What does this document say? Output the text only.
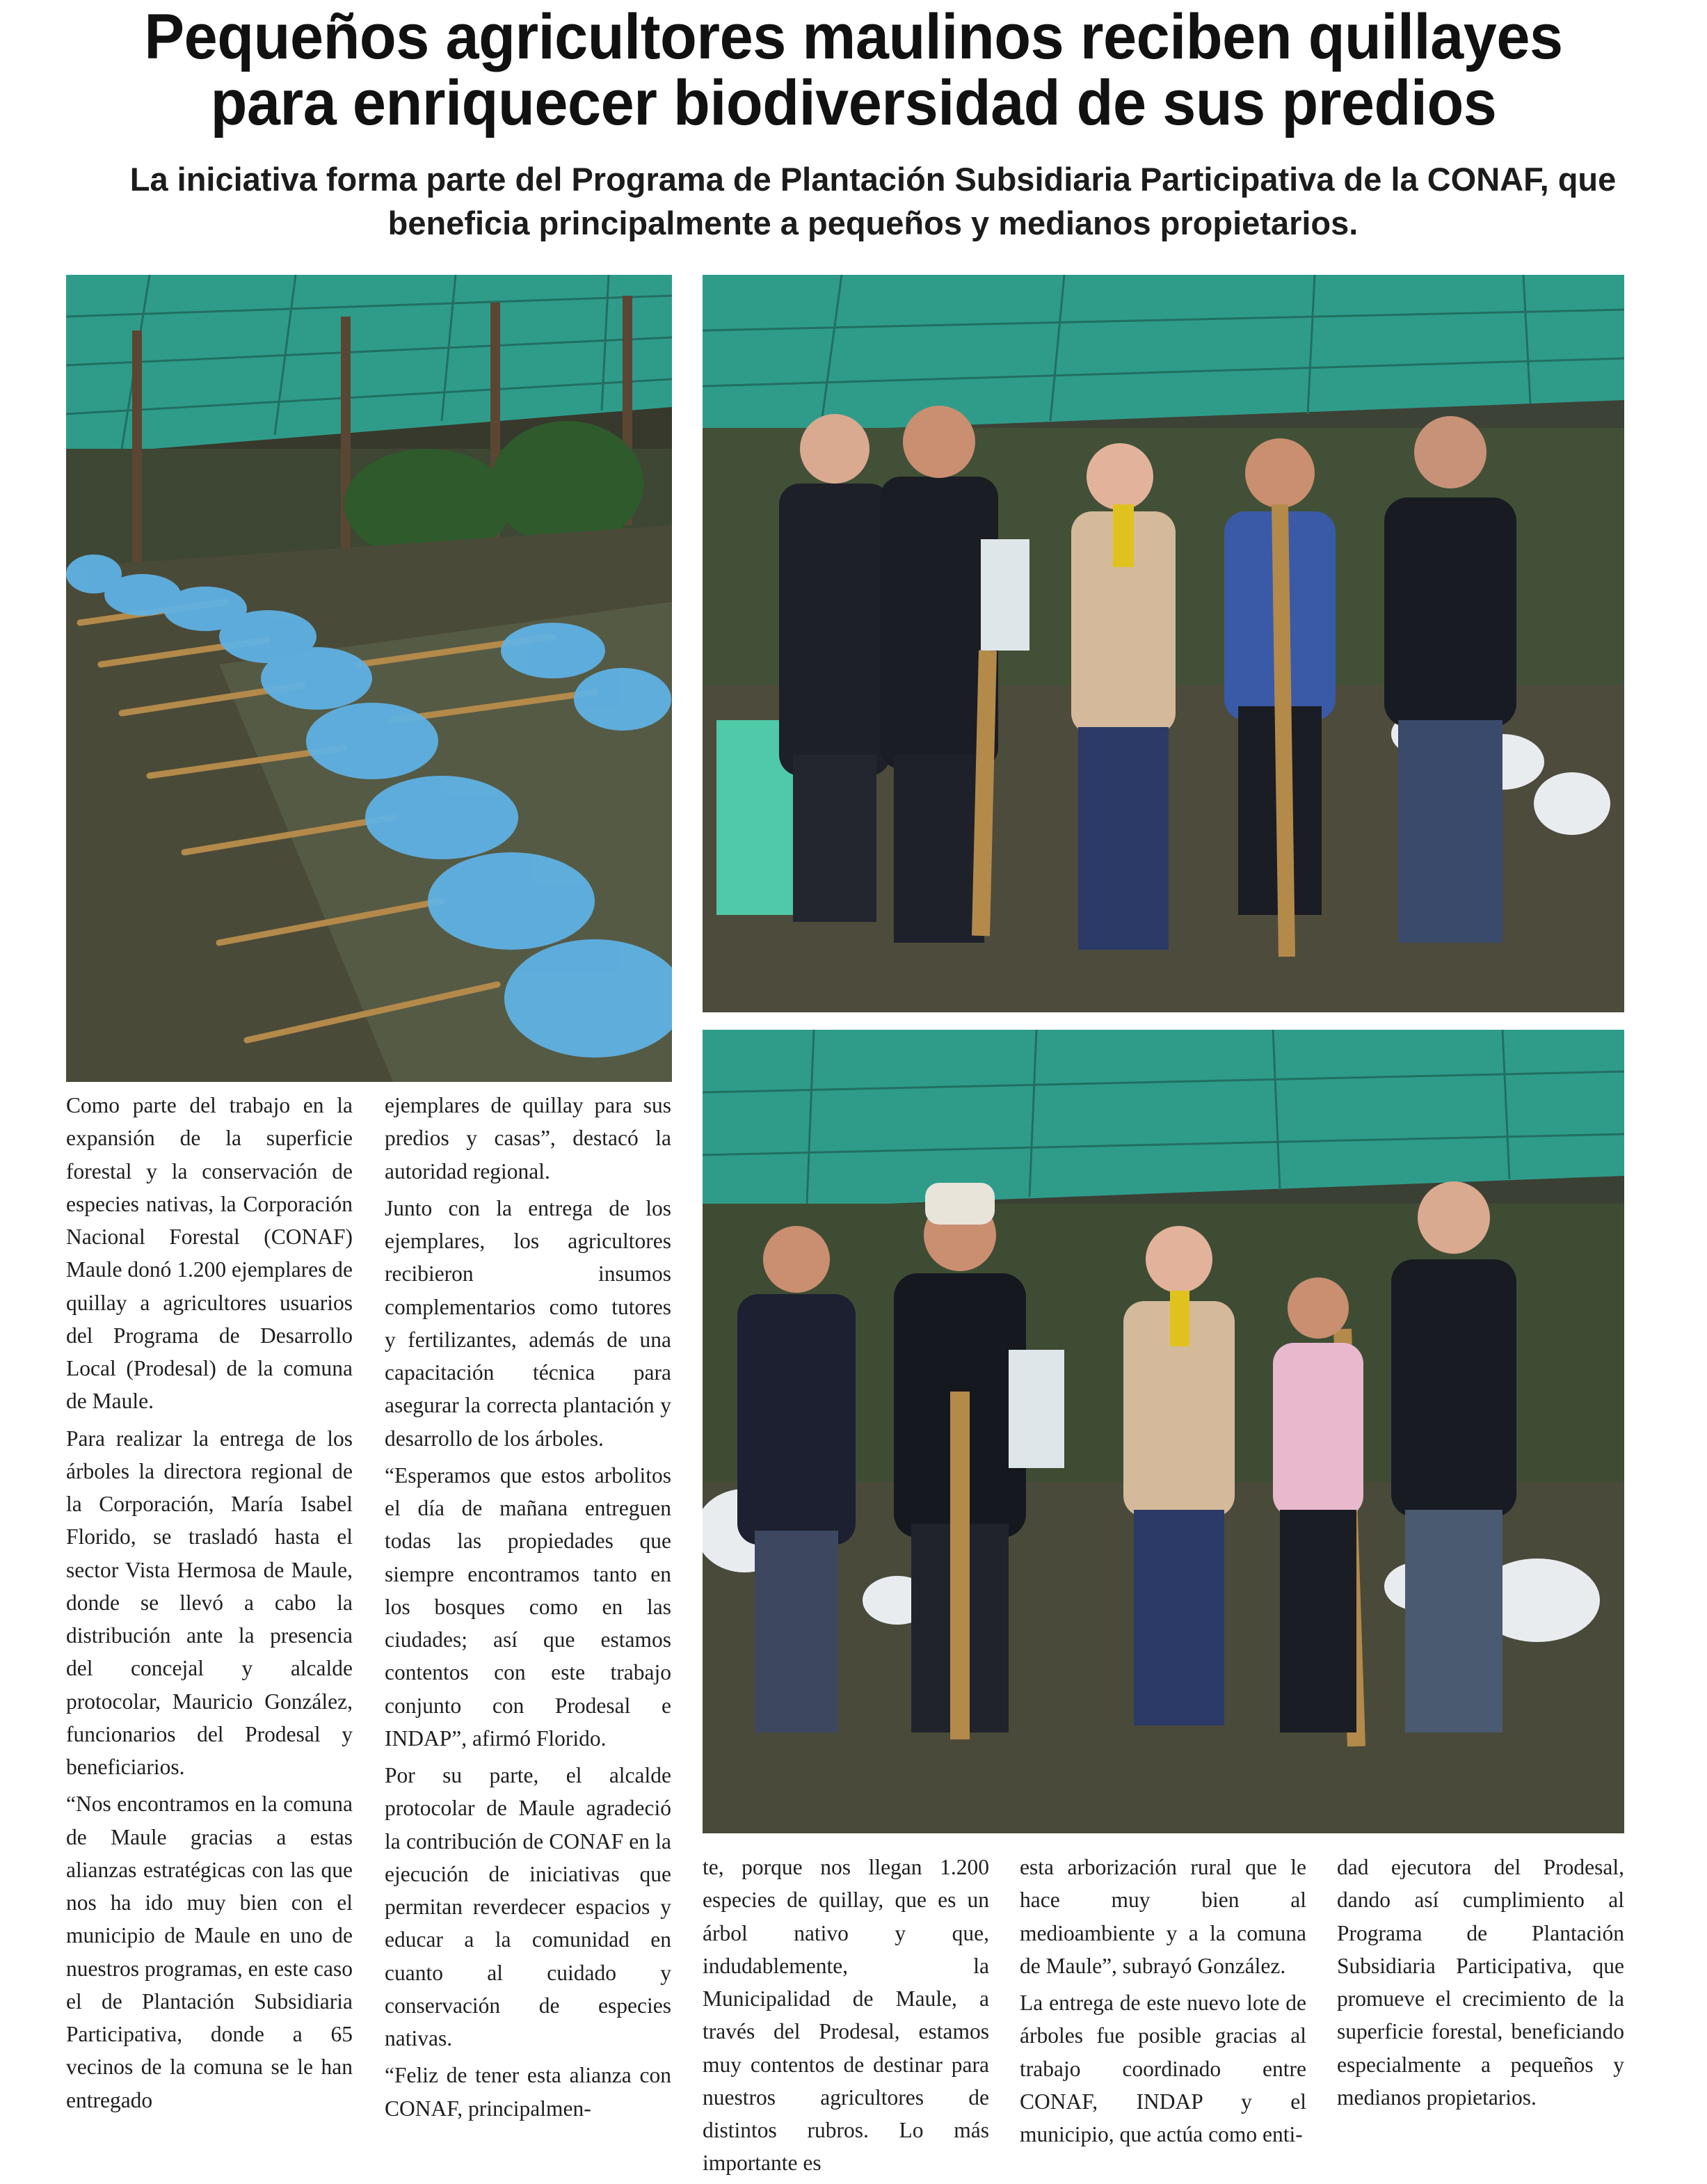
Pequeños agricultores maulinos reciben quillayes para enriquecer biodiversidad de sus predios

La iniciativa forma parte del Programa de Plantación Subsidiaria Participativa de la CONAF, que beneficia principalmente a pequeños y medianos propietarios.

Como parte del trabajo en la expansión de la superficie forestal y la conservación de especies nativas, la Corporación Nacional Forestal (CONAF) Maule donó 1.200 ejemplares de quillay a agricultores usuarios del Programa de Desarrollo Local (Prodesal) de la comuna de Maule.

Para realizar la entrega de los árboles la directora regional de la Corporación, María Isabel Florido, se trasladó hasta el sector Vista Hermosa de Maule, donde se llevó a cabo la distribución ante la presencia del concejal y alcalde protocolar, Mauricio González, funcionarios del Prodesal y beneficiarios.

“Nos encontramos en la comuna de Maule gracias a estas alianzas estratégicas con las que nos ha ido muy bien con el municipio de Maule en uno de nuestros programas, en este caso el de Plantación Subsidiaria Participativa, donde a 65 vecinos de la comuna se le han entregado

ejemplares de quillay para sus predios y casas”, destacó la autoridad regional.

Junto con la entrega de los ejemplares, los agricultores recibieron insumos complementarios como tutores y fertilizantes, además de una capacitación técnica para asegurar la correcta plantación y desarrollo de los árboles.

“Esperamos que estos arbolitos el día de mañana entreguen todas las propiedades que siempre encontramos tanto en los bosques como en las ciudades; así que estamos contentos con este trabajo conjunto con Prodesal e INDAP”, afirmó Florido.

Por su parte, el alcalde protocolar de Maule agradeció la contribución de CONAF en la ejecución de iniciativas que permitan reverdecer espacios y educar a la comunidad en cuanto al cuidado y conservación de especies nativas.

“Feliz de tener esta alianza con CONAF, principalmen-

te, porque nos llegan 1.200 especies de quillay, que es un árbol nativo y que, indudablemente, la Municipalidad de Maule, a través del Prodesal, estamos muy contentos de destinar para nuestros agricultores de distintos rubros. Lo más importante es

esta arborización rural que le hace muy bien al medioambiente y a la comuna de Maule”, subrayó González.

La entrega de este nuevo lote de árboles fue posible gracias al trabajo coordinado entre CONAF, INDAP y el municipio, que actúa como enti-

dad ejecutora del Prodesal, dando así cumplimiento al Programa de Plantación Subsidiaria Participativa, que promueve el crecimiento de la superficie forestal, beneficiando especialmente a pequeños y medianos propietarios.
